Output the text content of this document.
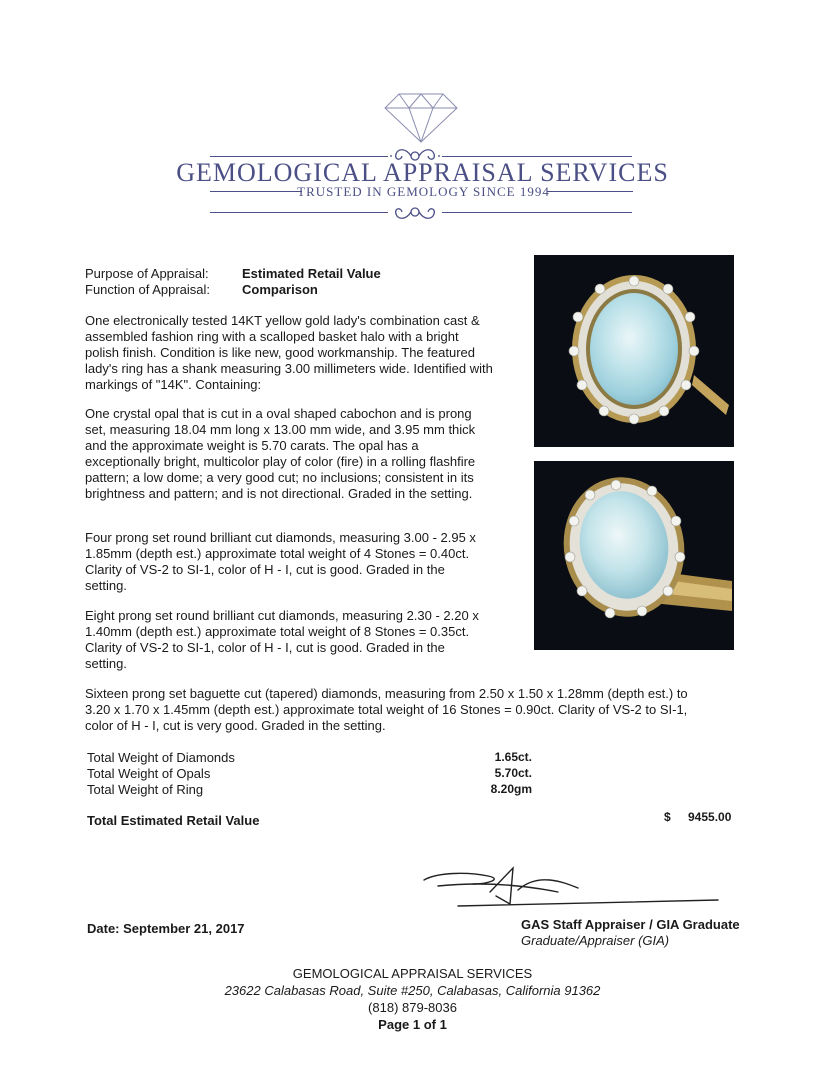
GEMOLOGICAL APPRAISAL SERVICES
TRUSTED IN GEMOLOGY SINCE 1994
Purpose of Appraisal:	Estimated Retail Value
Function of Appraisal: Comparison
One electronically tested 14KT yellow gold lady's combination cast & assembled fashion ring with a scalloped basket halo with a bright polish finish. Condition is like new, good workmanship. The featured lady's ring has a shank measuring 3.00 millimeters wide. Identified with markings of "14K". Containing:
One crystal opal that is cut in a oval shaped cabochon and is prong set, measuring 18.04 mm long x 13.00 mm wide, and 3.95 mm thick and the approximate weight is 5.70 carats. The opal has a exceptionally bright, multicolor play of color (fire) in a rolling flashfire pattern; a low dome; a very good cut; no inclusions; consistent in its brightness and pattern; and is not directional. Graded in the setting.
Four prong set round brilliant cut diamonds, measuring 3.00 - 2.95 x 1.85mm (depth est.) approximate total weight of 4 Stones = 0.40ct. Clarity of VS-2 to SI-1, color of H - I, cut is good. Graded in the setting.
Eight prong set round brilliant cut diamonds, measuring 2.30 - 2.20 x 1.40mm (depth est.) approximate total weight of 8 Stones = 0.35ct. Clarity of VS-2 to SI-1, color of H - I, cut is good. Graded in the setting.
Sixteen prong set baguette cut (tapered) diamonds, measuring from 2.50 x 1.50 x 1.28mm (depth est.) to 3.20 x 1.70 x 1.45mm (depth est.) approximate total weight of 16 Stones = 0.90ct. Clarity of VS-2 to SI-1, color of H - I, cut is very good. Graded in the setting.
Total Weight of Diamonds	1.65ct.
Total Weight of Opals	5.70ct.
Total Weight of Ring	8.20gm
Total Estimated Retail Value	$ 9455.00
GAS Staff Appraiser / GIA Graduate
Graduate/Appraiser (GIA)
Date: September 21, 2017
GEMOLOGICAL APPRAISAL SERVICES
23622 Calabasas Road, Suite #250, Calabasas, California 91362
(818) 879-8036
Page 1 of 1
